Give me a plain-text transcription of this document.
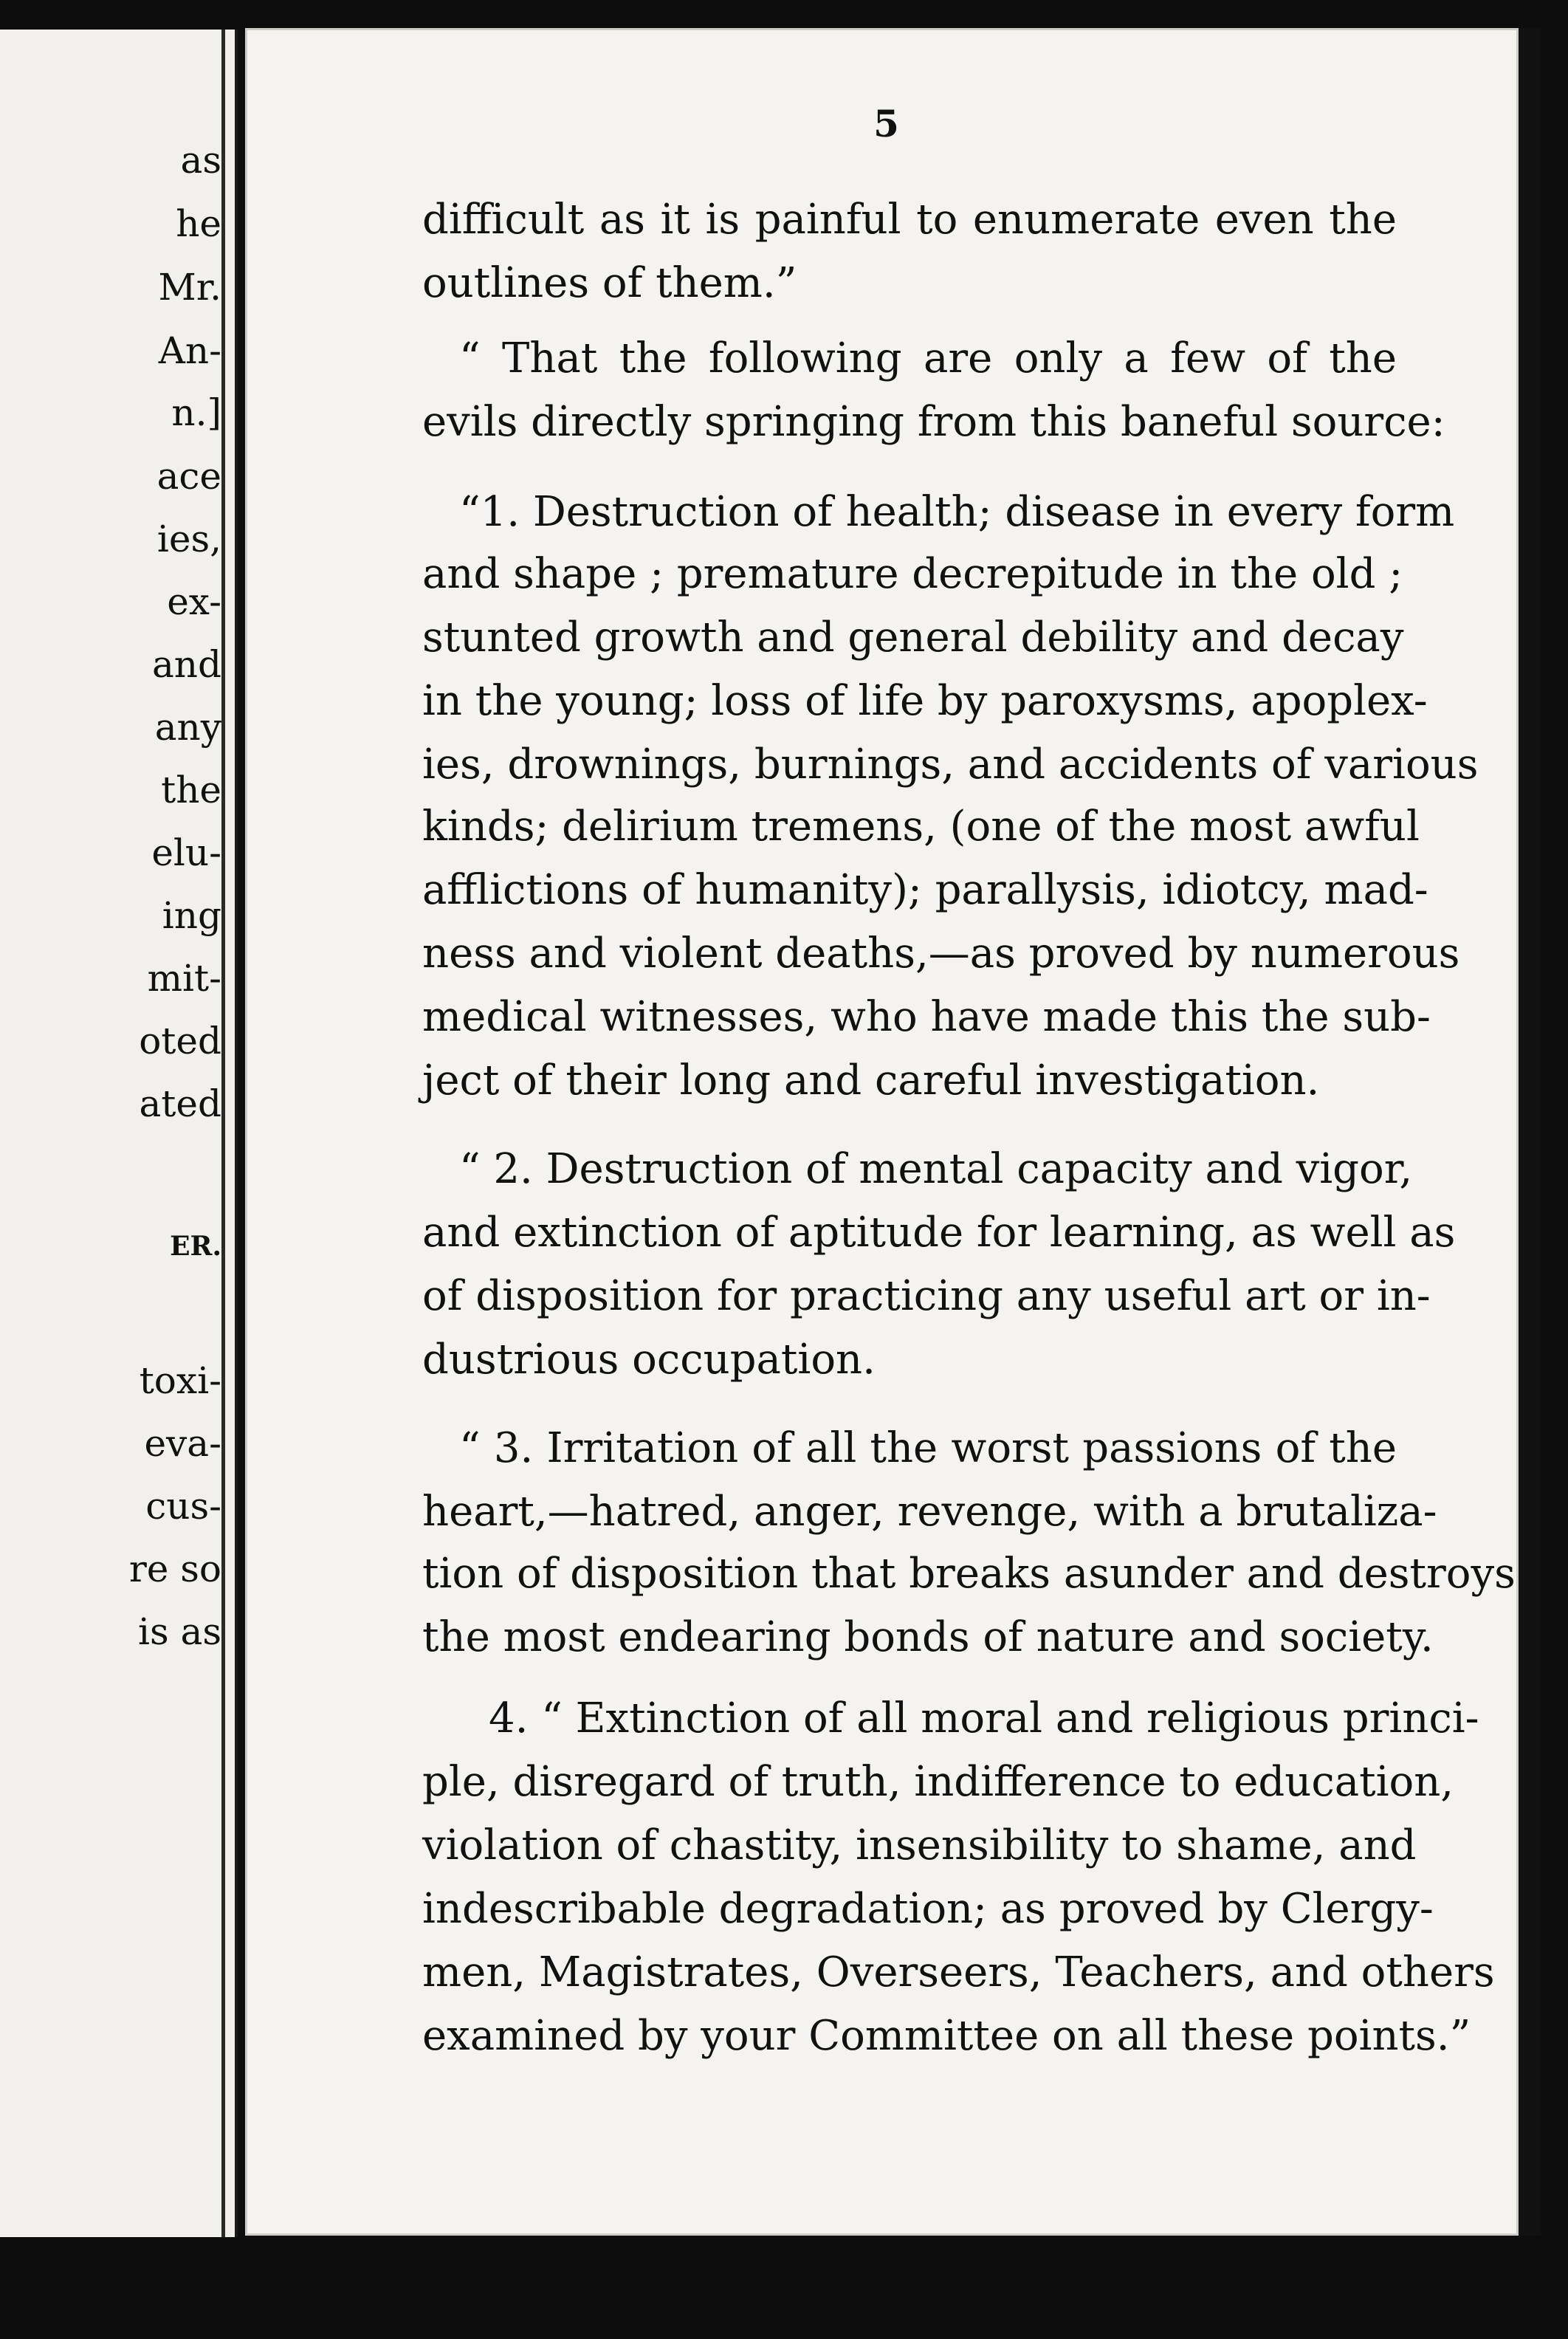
as
he
Mr.
An-
n.]
ace
ies,
ex-
and
any
the
elu-
ing
mit-
oted
ated
ER.
toxi-
eva-
cus-
re so
is as
5
difficult as it is painful to enumerate even the
outlines of them.”
“ That the following are only a few of the
evils directly springing from this baneful source:
“1. Destruction of health; disease in every form
and shape ; premature decrepitude in the old ;
stunted growth and general debility and decay
in the young; loss of life by paroxysms, apoplex-
ies, drownings, burnings, and accidents of various
kinds; delirium tremens, (one of the most awful
afflictions of humanity); parallysis, idiotcy, mad-
ness and violent deaths,—as proved by numerous
medical witnesses, who have made this the sub-
ject of their long and careful investigation.
“ 2. Destruction of mental capacity and vigor,
and extinction of aptitude for learning, as well as
of disposition for practicing any useful art or in-
dustrious occupation.
“ 3. Irritation of all the worst passions of the
heart,—hatred, anger, revenge, with a brutaliza-
tion of disposition that breaks asunder and destroys
the most endearing bonds of nature and society.
4. “ Extinction of all moral and religious princi-
ple, disregard of truth, indifference to education,
violation of chastity, insensibility to shame, and
indescribable degradation; as proved by Clergy-
men, Magistrates, Overseers, Teachers, and others
examined by your Committee on all these points.”
